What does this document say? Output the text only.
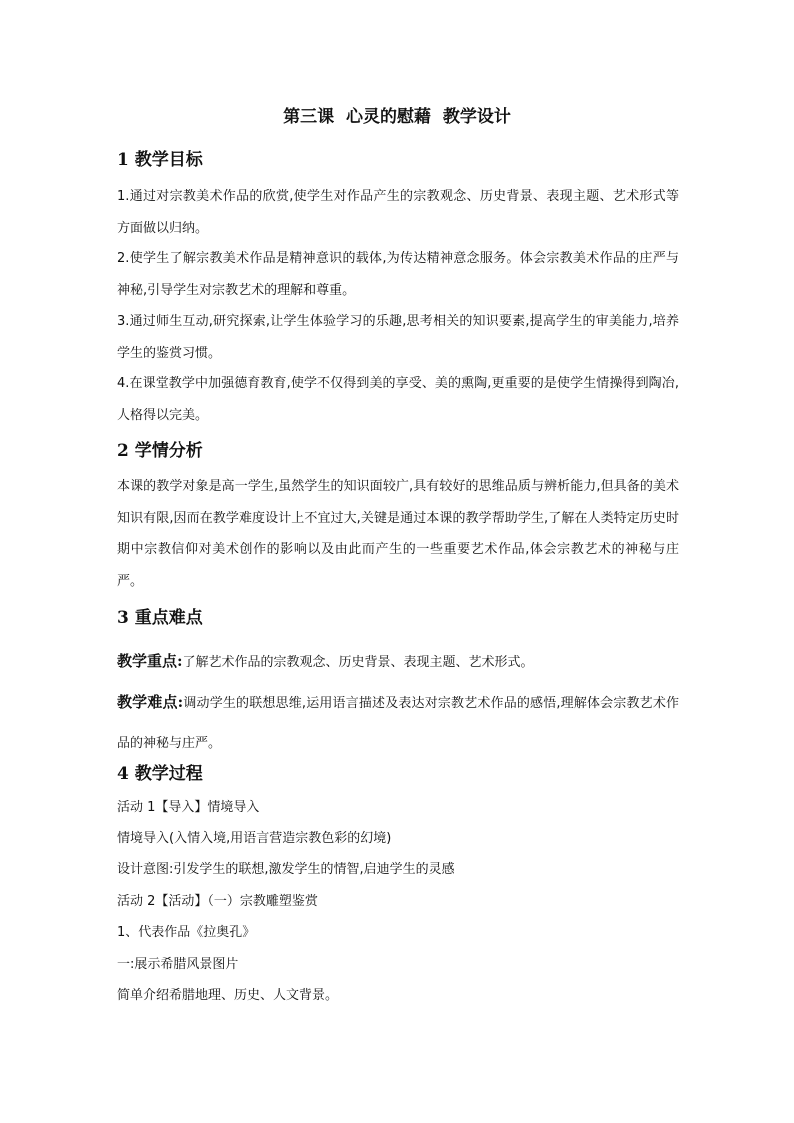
第三课  心灵的慰藉  教学设计
1 教学目标
1.通过对宗教美术作品的欣赏,使学生对作品产生的宗教观念、历史背景、表现主题、艺术形式等方面做以归纳。
2.使学生了解宗教美术作品是精神意识的载体,为传达精神意念服务。体会宗教美术作品的庄严与神秘,引导学生对宗教艺术的理解和尊重。
3.通过师生互动,研究探索,让学生体验学习的乐趣,思考相关的知识要素,提高学生的审美能力,培养学生的鉴赏习惯。
4.在课堂教学中加强德育教育,使学不仅得到美的享受、美的熏陶,更重要的是使学生情操得到陶冶,人格得以完美。
2 学情分析
本课的教学对象是高一学生,虽然学生的知识面较广,具有较好的思维品质与辨析能力,但具备的美术知识有限,因而在教学难度设计上不宜过大,关键是通过本课的教学帮助学生,了解在人类特定历史时期中宗教信仰对美术创作的影响以及由此而产生的一些重要艺术作品,体会宗教艺术的神秘与庄严。
3 重点难点
教学重点:了解艺术作品的宗教观念、历史背景、表现主题、艺术形式。
教学难点:调动学生的联想思维,运用语言描述及表达对宗教艺术作品的感悟,理解体会宗教艺术作品的神秘与庄严。
4 教学过程
活动 1【导入】情境导入
情境导入(入情入境,用语言营造宗教色彩的幻境)
设计意图:引发学生的联想,激发学生的情智,启迪学生的灵感
活动 2【活动】（一）宗教雕塑鉴赏
1、代表作品《拉奥孔》
一:展示希腊风景图片
简单介绍希腊地理、历史、人文背景。
